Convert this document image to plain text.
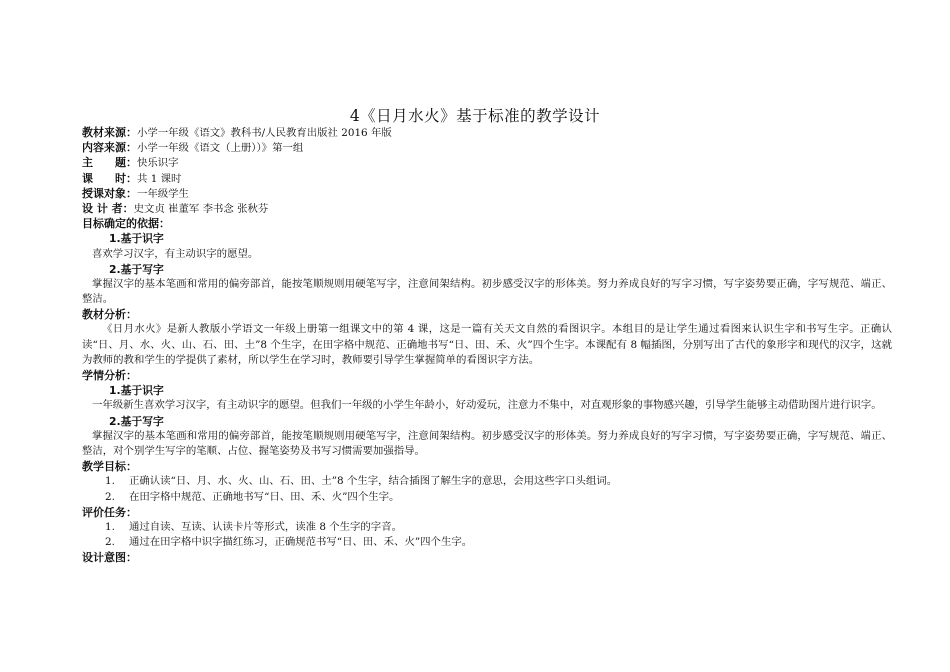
4《日月水火》基于标准的教学设计
教材来源：小学一年级《语文》教科书/人民教育出版社 2016 年版
内容来源：小学一年级《语文（上册））》第一组
主　　题：快乐识字
课　　时：共 1 课时
授课对象：一年级学生
设 计 者：史文贞 崔董军 李书念 张秋芬
目标确定的依据：
1.基于识字
喜欢学习汉字，有主动识字的愿望。
2.基于写字
掌握汉字的基本笔画和常用的偏旁部首，能按笔顺规则用硬笔写字，注意间架结构。初步感受汉字的形体美。努力养成良好的写字习惯，写字姿势要正确，字写规范、端正、整洁。
教材分析：
《日月水火》是新人教版小学语文一年级上册第一组课文中的第 4 课，这是一篇有关天文自然的看图识字。本组目的是让学生通过看图来认识生字和书写生字。正确认读“日、月、水、火、山、石、田、土”8 个生字，在田字格中规范、正确地书写“日、田、禾、火”四个生字。本课配有 8 幅插图，分别写出了古代的象形字和现代的汉字，这就为教师的教和学生的学提供了素材，所以学生在学习时，教师要引导学生掌握简单的看图识字方法。
学情分析：
1.基于识字
一年级新生喜欢学习汉字，有主动识字的愿望。但我们一年级的小学生年龄小，好动爱玩，注意力不集中，对直观形象的事物感兴趣，引导学生能够主动借助图片进行识字。
2.基于写字
掌握汉字的基本笔画和常用的偏旁部首，能按笔顺规则用硬笔写字，注意间架结构。初步感受汉字的形体美。努力养成良好的写字习惯，写字姿势要正确，字写规范、端正、整洁，对个别学生写字的笔顺、占位、握笔姿势及书写习惯需要加强指导。
教学目标：
1. 正确认读“日、月、水、火、山、石、田、土”8 个生字，结合插图了解生字的意思，会用这些字口头组词。
2. 在田字格中规范、正确地书写“日、田、禾、火”四个生字。
评价任务：
1. 通过自读、互读、认读卡片等形式，读准 8 个生字的字音。
2. 通过在田字格中识字描红练习，正确规范书写“日、田、禾、火”四个生字。
设计意图：
